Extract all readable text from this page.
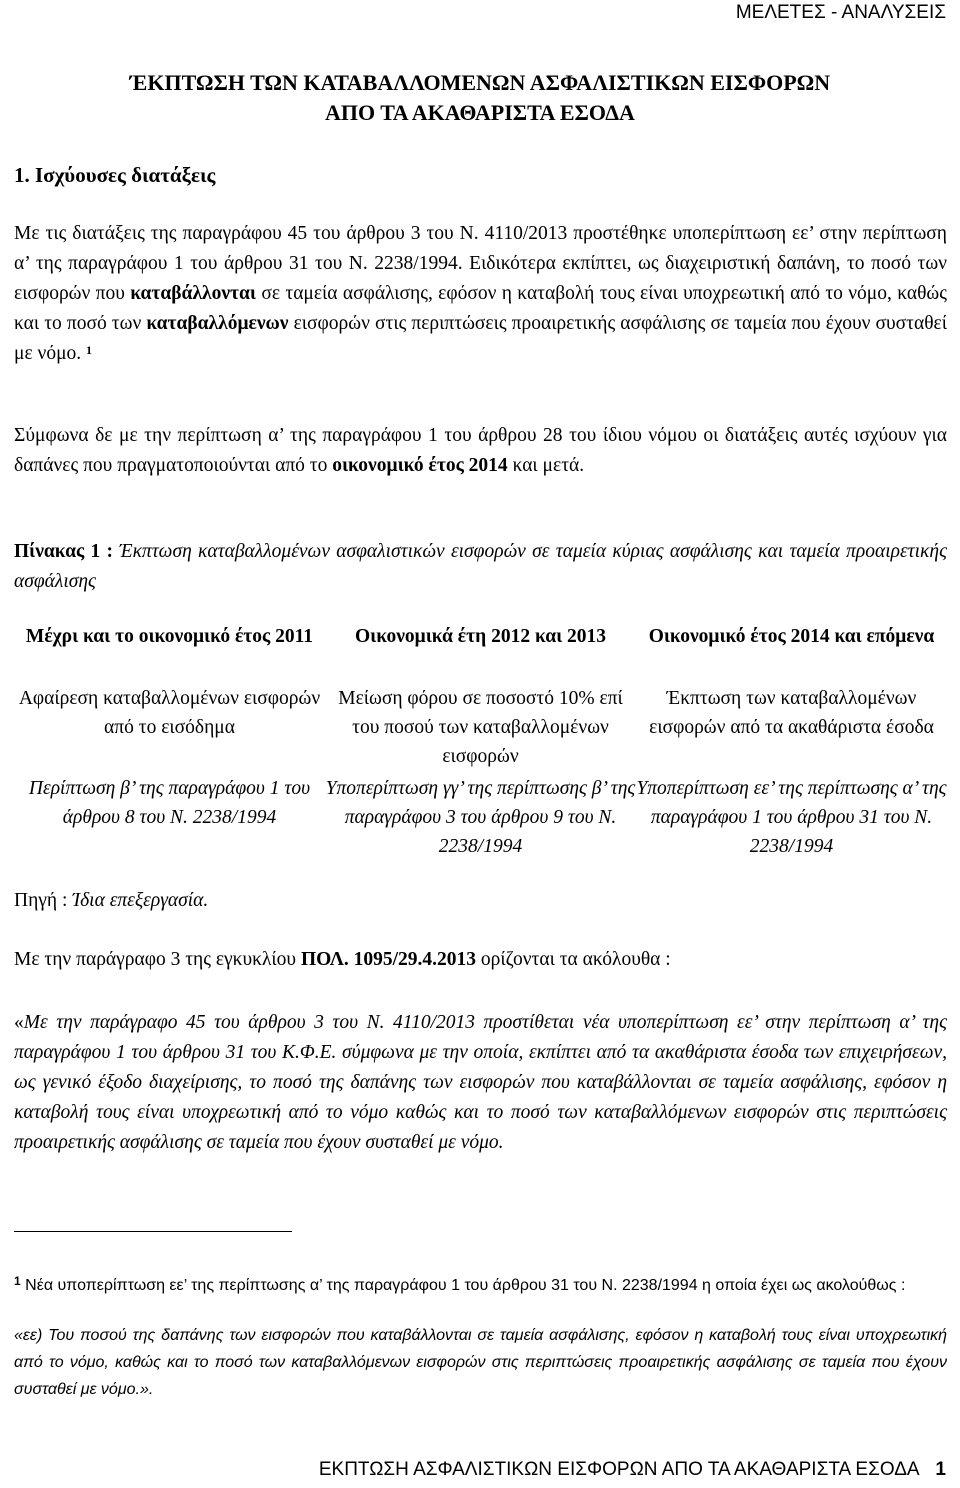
ΜΕΛΕΤΕΣ - ΑΝΑΛΥΣΕΙΣ
ΈΚΠΤΩΣΗ ΤΩΝ ΚΑΤΑΒΑΛΛΟΜΕΝΩΝ ΑΣΦΑΛΙΣΤΙΚΩΝ ΕΙΣΦΟΡΩΝ
ΑΠΟ ΤΑ ΑΚΑΘΑΡΙΣΤΑ ΕΣΟΔΑ
1. Ισχύουσες διατάξεις

Με τις διατάξεις της παραγράφου 45 του άρθρου 3 του Ν. 4110/2013 προστέθηκε υποπερίπτωση εε’ στην περίπτωση α’ της παραγράφου 1 του άρθρου 31 του Ν. 2238/1994. Ειδικότερα εκπίπτει, ως διαχειριστική δαπάνη, το ποσό των εισφορών που καταβάλλονται σε ταμεία ασφάλισης, εφόσον η καταβολή τους είναι υποχρεωτική από το νόμο, καθώς και το ποσό των καταβαλλόμενων εισφορών στις περιπτώσεις προαιρετικής ασφάλισης σε ταμεία που έχουν συσταθεί με νόμο. $^1$

Σύμφωνα δε με την περίπτωση α’ της παραγράφου 1 του άρθρου 28 του ίδιου νόμου οι διατάξεις αυτές ισχύουν για δαπάνες που πραγματοποιούνται από το οικονομικό έτος 2014 και μετά.

Πίνακας 1 : Έκπτωση καταβαλλομένων ασφαλιστικών εισφορών σε ταμεία κύριας ασφάλισης και ταμεία προαιρετικής ασφάλισης

Μέχρι και το οικονομικό έτος 2011	Οικονομικά έτη 2012 και 2013	Οικονομικό έτος 2014 και επόμενα
Αφαίρεση καταβαλλομένων εισφορών από το εισόδημα
Μείωση φόρου σε ποσοστό 10% επί του ποσού των καταβαλλομένων εισφορών
Έκπτωση των καταβαλλομένων εισφορών από τα ακαθάριστα έσοδα
Περίπτωση β’ της παραγράφου 1 του άρθρου 8 του Ν. 2238/1994
Υποπερίπτωση γγ’ της περίπτωσης β’ της παραγράφου 3 του άρθρου 9 του Ν. 2238/1994
Υποπερίπτωση εε’ της περίπτωσης α’ της παραγράφου 1 του άρθρου 31 του Ν. 2238/1994
Πηγή : Ίδια επεξεργασία.

Με την παράγραφο 3 της εγκυκλίου ΠΟΛ. 1095/29.4.2013 ορίζονται τα ακόλουθα :

«Με την παράγραφο 45 του άρθρου 3 του Ν. 4110/2013 προστίθεται νέα υποπερίπτωση εε’ στην περίπτωση α’ της παραγράφου 1 του άρθρου 31 του Κ.Φ.Ε. σύμφωνα με την οποία, εκπίπτει από τα ακαθάριστα έσοδα των επιχειρήσεων, ως γενικό έξοδο διαχείρισης, το ποσό της δαπάνης των εισφορών που καταβάλλονται σε ταμεία ασφάλισης, εφόσον η καταβολή τους είναι υποχρεωτική από το νόμο καθώς και το ποσό των καταβαλλόμενων εισφορών στις περιπτώσεις προαιρετικής ασφάλισης σε ταμεία που έχουν συσταθεί με νόμο.

$^1$ Νέα υποπερίπτωση εε’ της περίπτωσης α’ της παραγράφου 1 του άρθρου 31 του Ν. 2238/1994 η οποία έχει ως ακολούθως :

«εε) Του ποσού της δαπάνης των εισφορών που καταβάλλονται σε ταμεία ασφάλισης, εφόσον η καταβολή τους είναι υποχρεωτική από το νόμο, καθώς και το ποσό των καταβαλλόμενων εισφορών στις περιπτώσεις προαιρετικής ασφάλισης σε ταμεία που έχουν συσταθεί με νόμο.».

ΕΚΠΤΩΣΗ ΑΣΦΑΛΙΣΤΙΚΩΝ ΕΙΣΦΟΡΩΝ ΑΠΟ ΤΑ ΑΚΑΘΑΡΙΣΤΑ ΕΣΟΔΑ 1
